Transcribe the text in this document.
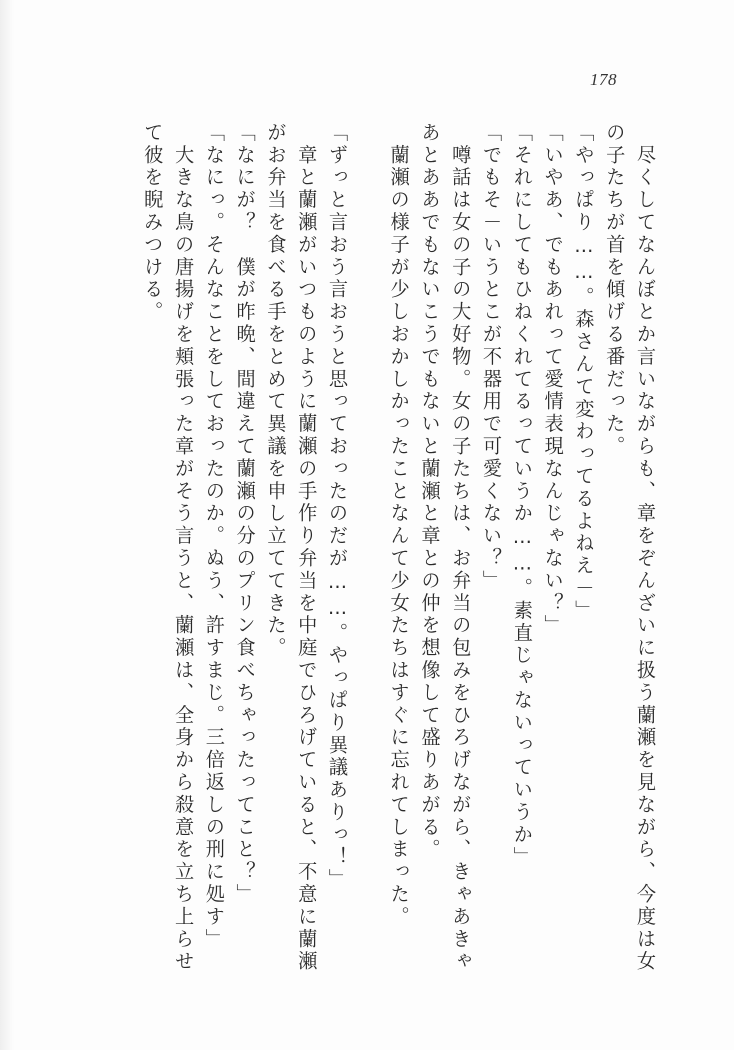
178

　尽くしてなんぼとか言いながらも、章をぞんざいに扱う蘭瀬を見ながら、今度は女

の子たちが首を傾げる番だった。

「やっぱり……。森さんて変わってるよねえ－」

「いやあ、でもあれって愛情表現なんじゃない？」

「それにしてもひねくれてるっていうか……。素直じゃないっていうか」

「でもそ－いうとこが不器用で可愛くない？」

　噂話は女の子の大好物。女の子たちは、お弁当の包みをひろげながら、きゃあきゃ

あとああでもないこうでもないと蘭瀬と章との仲を想像して盛りあがる。

　蘭瀬の様子が少しおかしかったことなんて少女たちはすぐに忘れてしまった。

「ずっと言おう言おうと思っておったのだが……。やっぱり異議ありっ！」

　章と蘭瀬がいつものように蘭瀬の手作り弁当を中庭でひろげていると、不意に蘭瀬

がお弁当を食べる手をとめて異議を申し立ててきた。

「なにが？　僕が昨晩、間違えて蘭瀬の分のプリン食べちゃったってこと？」

「なにっ。そんなことをしておったのか。ぬう、許すまじ。三倍返しの刑に処す」

　大きな鳥の唐揚げを頬張った章がそう言うと、蘭瀬は、全身から殺意を立ち上らせ

て彼を睨みつける。
